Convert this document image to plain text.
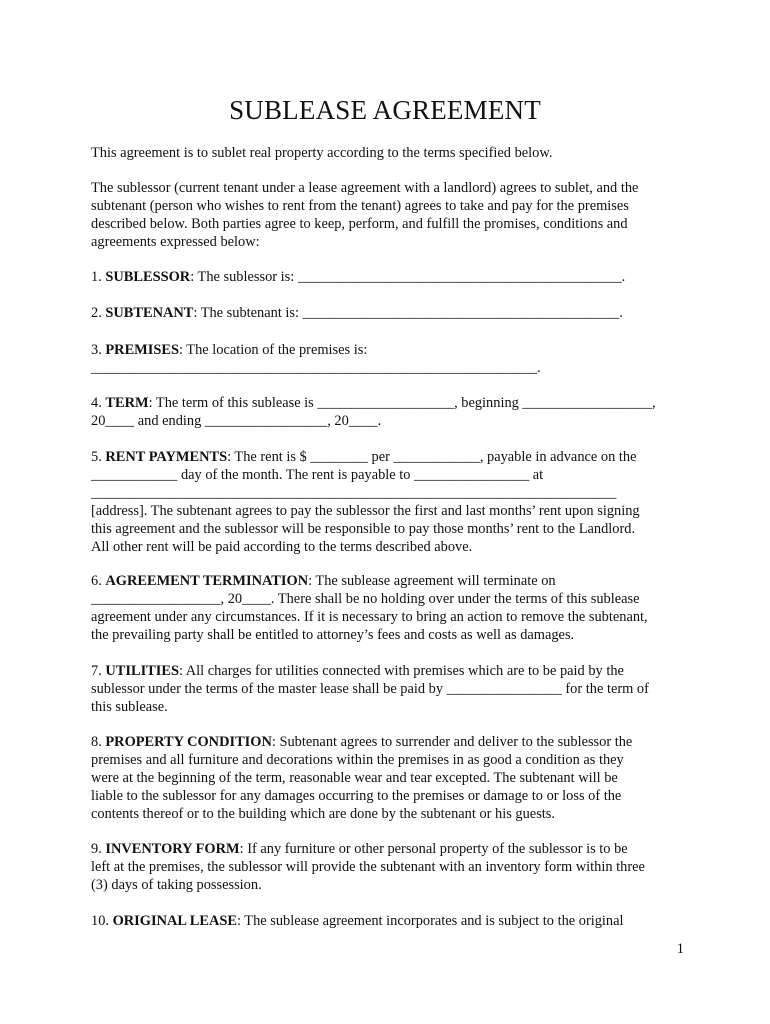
SUBLEASE AGREEMENT

This agreement is to sublet real property according to the terms specified below.

The sublessor (current tenant under a lease agreement with a landlord) agrees to sublet, and the
subtenant (person who wishes to rent from the tenant) agrees to take and pay for the premises
described below. Both parties agree to keep, perform, and fulfill the promises, conditions and
agreements expressed below:

1. SUBLESSOR: The sublessor is: _____________________________________________.

2. SUBTENANT: The subtenant is: ____________________________________________.

3. PREMISES: The location of the premises is:
______________________________________________________________.

4. TERM: The term of this sublease is ___________________, beginning __________________,
20____ and ending _________________, 20____.

5. RENT PAYMENTS: The rent is $ ________ per ____________, payable in advance on the
____________ day of the month. The rent is payable to ________________ at
_________________________________________________________________________
[address]. The subtenant agrees to pay the sublessor the first and last months’ rent upon signing
this agreement and the sublessor will be responsible to pay those months’ rent to the Landlord.
All other rent will be paid according to the terms described above.

6. AGREEMENT TERMINATION: The sublease agreement will terminate on
__________________, 20____. There shall be no holding over under the terms of this sublease
agreement under any circumstances. If it is necessary to bring an action to remove the subtenant,
the prevailing party shall be entitled to attorney’s fees and costs as well as damages.

7. UTILITIES: All charges for utilities connected with premises which are to be paid by the
sublessor under the terms of the master lease shall be paid by ________________ for the term of
this sublease.

8. PROPERTY CONDITION: Subtenant agrees to surrender and deliver to the sublessor the
premises and all furniture and decorations within the premises in as good a condition as they
were at the beginning of the term, reasonable wear and tear excepted. The subtenant will be
liable to the sublessor for any damages occurring to the premises or damage to or loss of the
contents thereof or to the building which are done by the subtenant or his guests.

9. INVENTORY FORM: If any furniture or other personal property of the sublessor is to be
left at the premises, the sublessor will provide the subtenant with an inventory form within three
(3) days of taking possession.

10. ORIGINAL LEASE: The sublease agreement incorporates and is subject to the original

1
